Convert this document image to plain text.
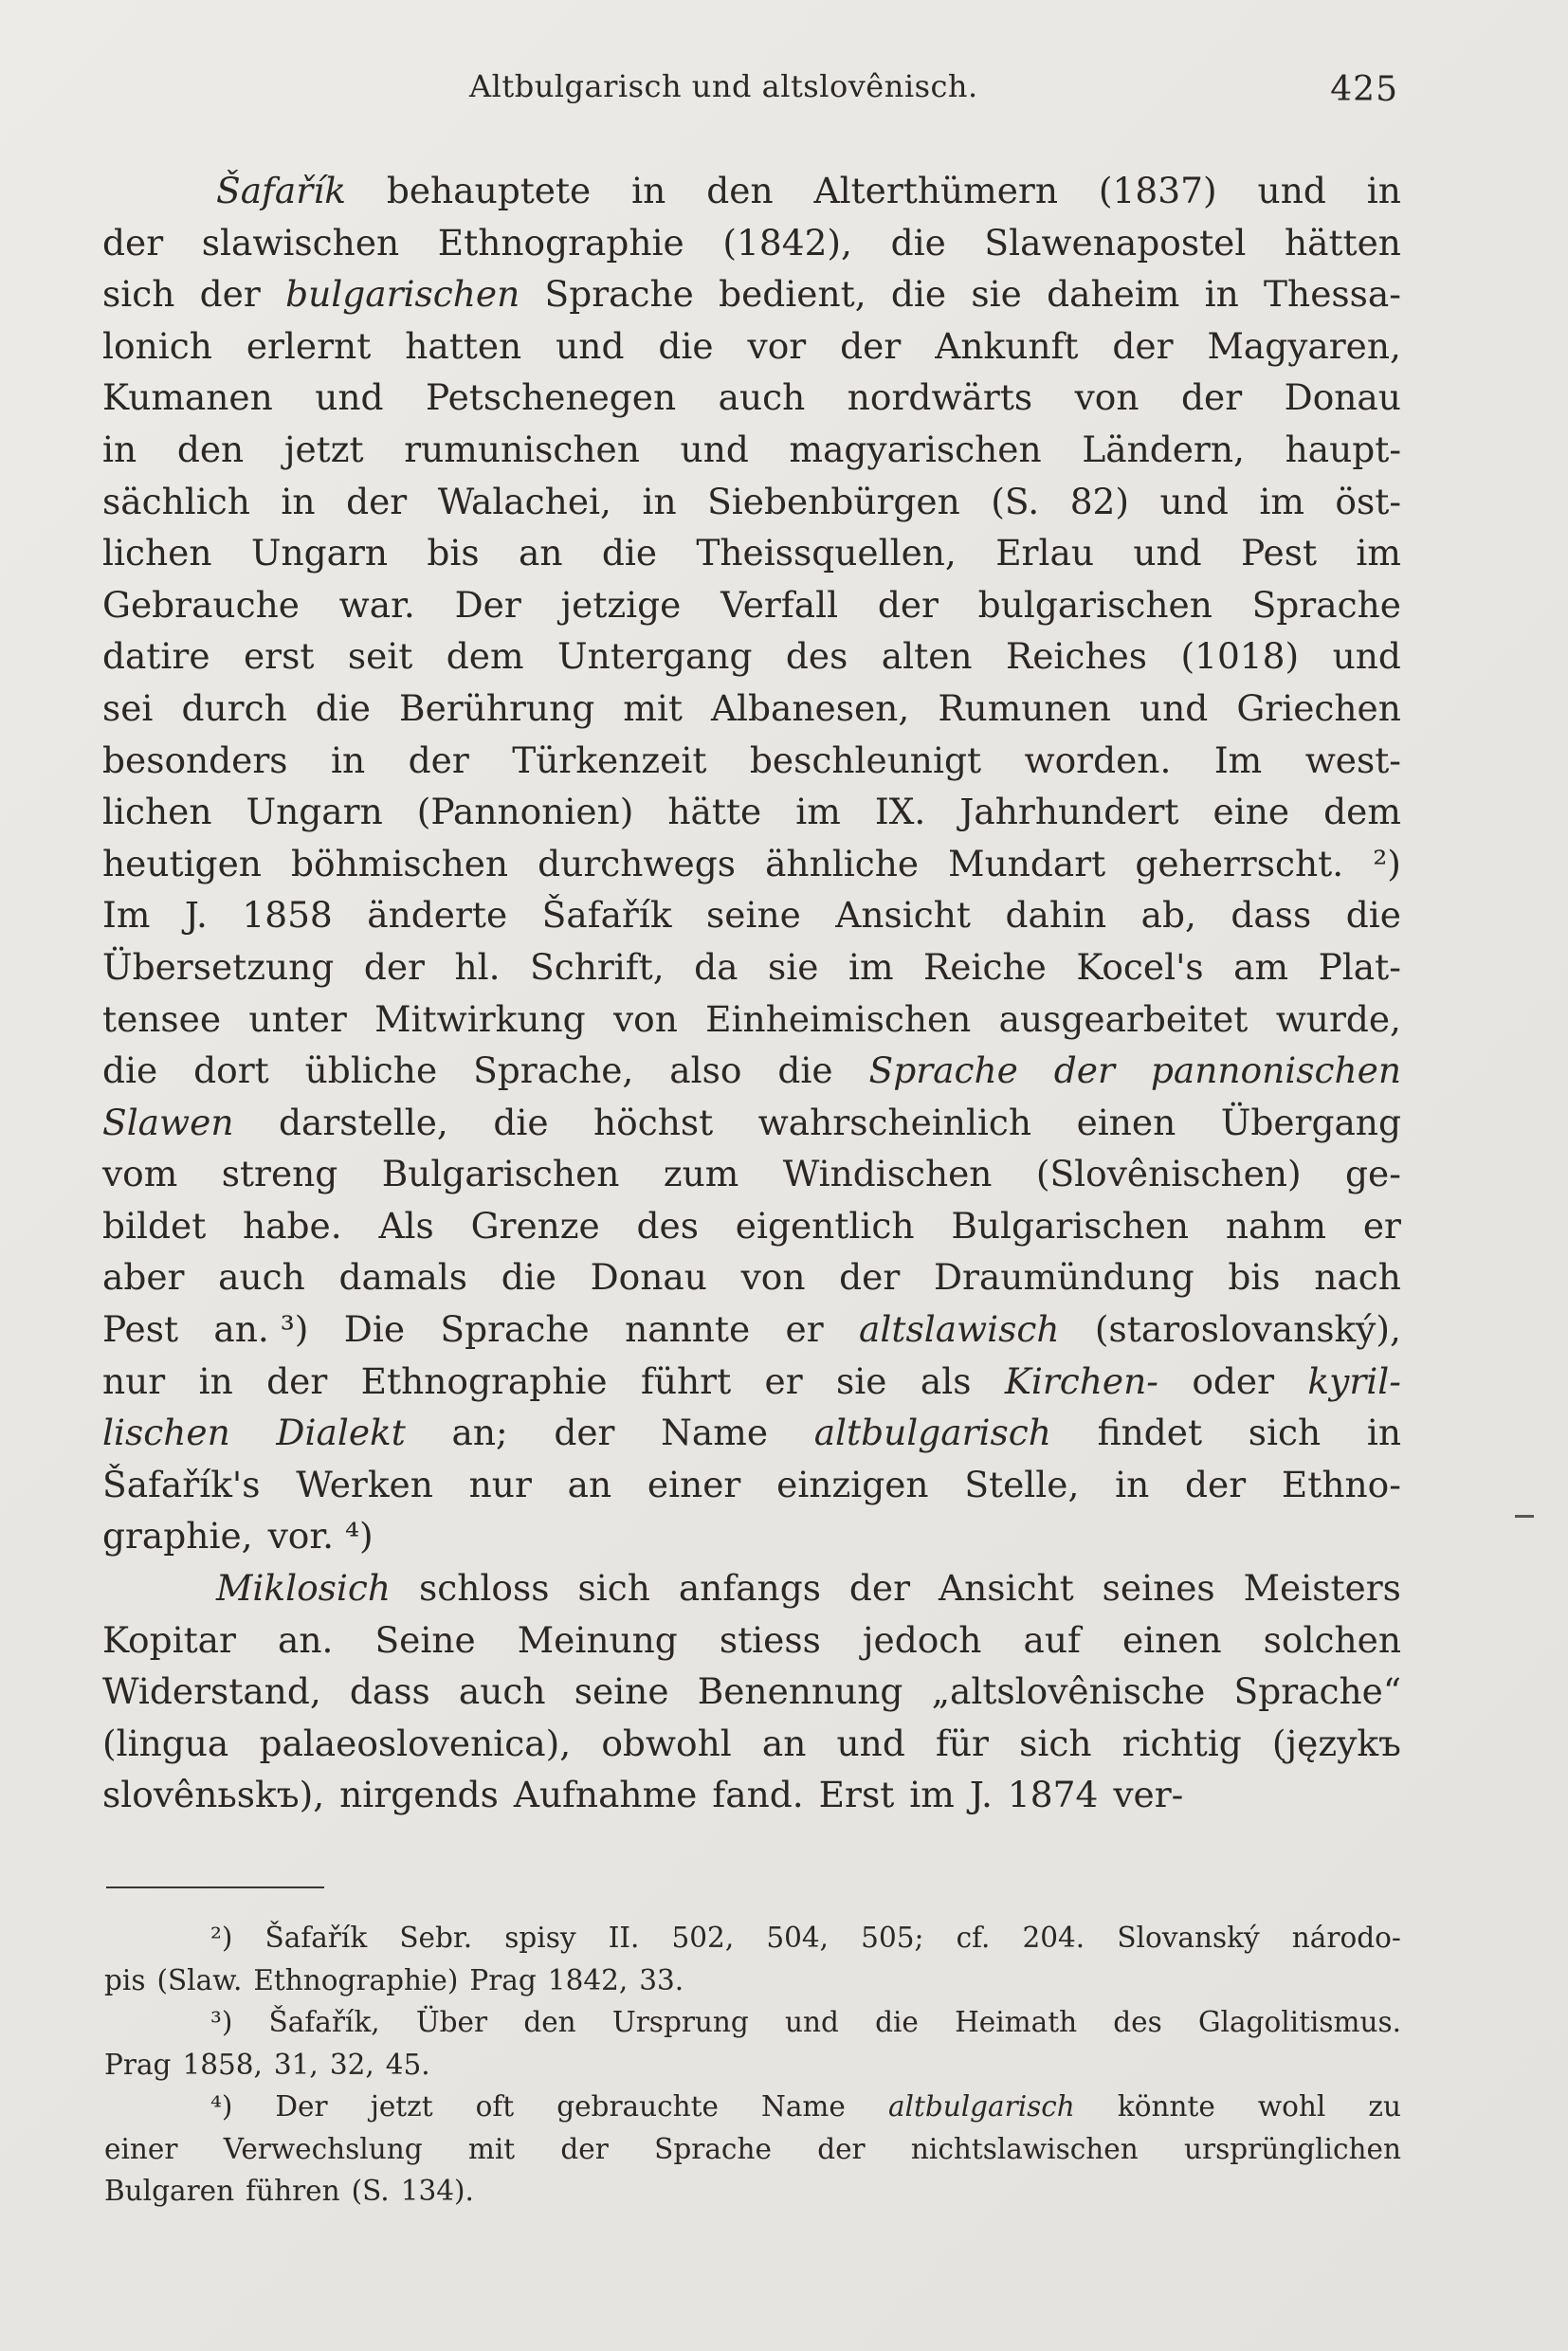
Altbulgarisch und altslovênisch.	425
Šafařík behauptete in den Alterthümern (1837) und in
der slawischen Ethnographie (1842), die Slawenapostel hätten
sich der bulgarischen Sprache bedient, die sie daheim in Thessa-
lonich erlernt hatten und die vor der Ankunft der Magyaren,
Kumanen und Petschenegen auch nordwärts von der Donau
in den jetzt rumunischen und magyarischen Ländern, haupt-
sächlich in der Walachei, in Siebenbürgen (S. 82) und im öst-
lichen Ungarn bis an die Theissquellen, Erlau und Pest im
Gebrauche war. Der jetzige Verfall der bulgarischen Sprache
datire erst seit dem Untergang des alten Reiches (1018) und
sei durch die Berührung mit Albanesen, Rumunen und Griechen
besonders in der Türkenzeit beschleunigt worden. Im west-
lichen Ungarn (Pannonien) hätte im IX. Jahrhundert eine dem
heutigen böhmischen durchwegs ähnliche Mundart geherrscht. ²)
Im J. 1858 änderte Šafařík seine Ansicht dahin ab, dass die
Übersetzung der hl. Schrift, da sie im Reiche Kocel's am Plat-
tensee unter Mitwirkung von Einheimischen ausgearbeitet wurde,
die dort übliche Sprache, also die Sprache der pannonischen
Slawen darstelle, die höchst wahrscheinlich einen Übergang
vom streng Bulgarischen zum Windischen (Slovênischen) ge-
bildet habe. Als Grenze des eigentlich Bulgarischen nahm er
aber auch damals die Donau von der Draumündung bis nach
Pest an. ³) Die Sprache nannte er altslawisch (staroslovanský),
nur in der Ethnographie führt er sie als Kirchen- oder kyril-
lischen Dialekt an; der Name altbulgarisch findet sich in
Šafařík's Werken nur an einer einzigen Stelle, in der Ethno-
graphie, vor. ⁴)
Miklosich schloss sich anfangs der Ansicht seines Meisters
Kopitar an. Seine Meinung stiess jedoch auf einen solchen
Widerstand, dass auch seine Benennung „altslovênische Sprache“
(lingua palaeoslovenica), obwohl an und für sich richtig (językъ
slovênьskъ), nirgends Aufnahme fand. Erst im J. 1874 ver-
²) Šafařík Sebr. spisy II. 502, 504, 505; cf. 204. Slovanský národo-
pis (Slaw. Ethnographie) Prag 1842, 33.
³) Šafařík, Über den Ursprung und die Heimath des Glagolitismus.
Prag 1858, 31, 32, 45.
⁴) Der jetzt oft gebrauchte Name altbulgarisch könnte wohl zu
einer Verwechslung mit der Sprache der nichtslawischen ursprünglichen
Bulgaren führen (S. 134).
